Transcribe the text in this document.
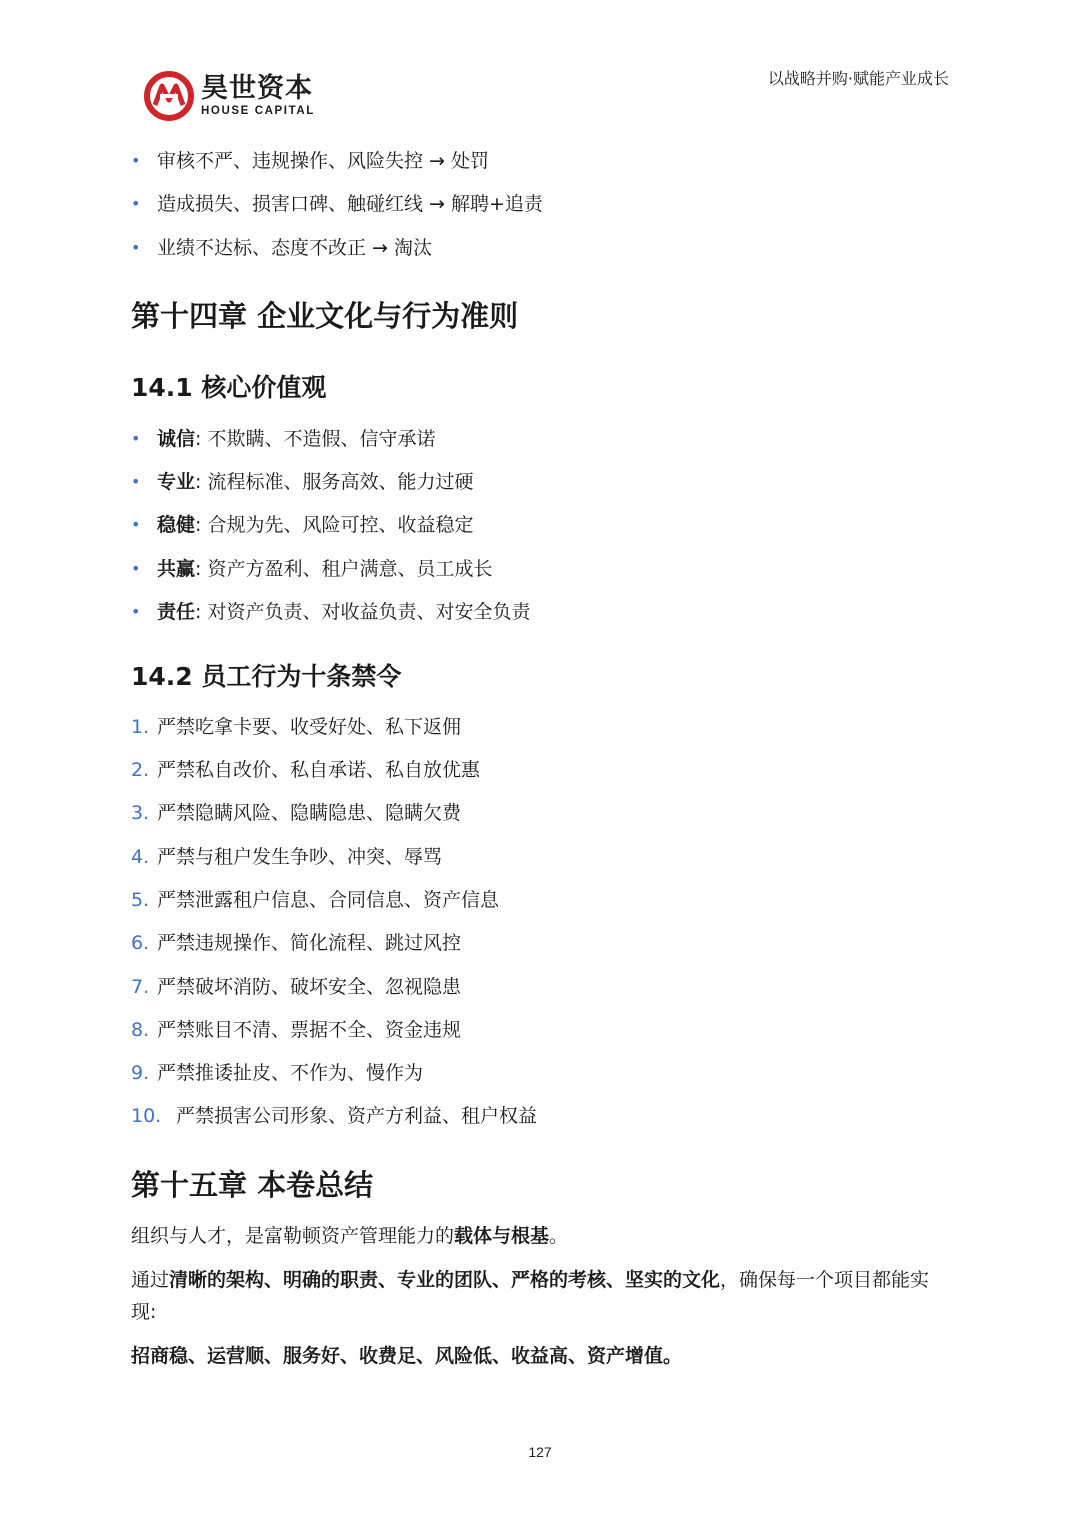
昊世资本
HOUSE CAPITAL
以战略并购·赋能产业成长
• 审核不严、违规操作、风险失控 → 处罚
• 造成损失、损害口碑、触碰红线 → 解聘+追责
• 业绩不达标、态度不改正 → 淘汰
第十四章 企业文化与行为准则
14.1 核心价值观
• 诚信: 不欺瞒、不造假、信守承诺
• 专业: 流程标准、服务高效、能力过硬
• 稳健: 合规为先、风险可控、收益稳定
• 共赢: 资产方盈利、租户满意、员工成长
• 责任: 对资产负责、对收益负责、对安全负责
14.2 员工行为十条禁令
1. 严禁吃拿卡要、收受好处、私下返佣
2. 严禁私自改价、私自承诺、私自放优惠
3. 严禁隐瞒风险、隐瞒隐患、隐瞒欠费
4. 严禁与租户发生争吵、冲突、辱骂
5. 严禁泄露租户信息、合同信息、资产信息
6. 严禁违规操作、简化流程、跳过风控
7. 严禁破坏消防、破坏安全、忽视隐患
8. 严禁账目不清、票据不全、资金违规
9. 严禁推诿扯皮、不作为、慢作为
10. 严禁损害公司形象、资产方利益、租户权益
第十五章 本卷总结
组织与人才，是富勒顿资产管理能力的载体与根基。
通过清晰的架构、明确的职责、专业的团队、严格的考核、坚实的文化，确保每一个项目都能实现:
招商稳、运营顺、服务好、收费足、风险低、收益高、资产增值。
127
